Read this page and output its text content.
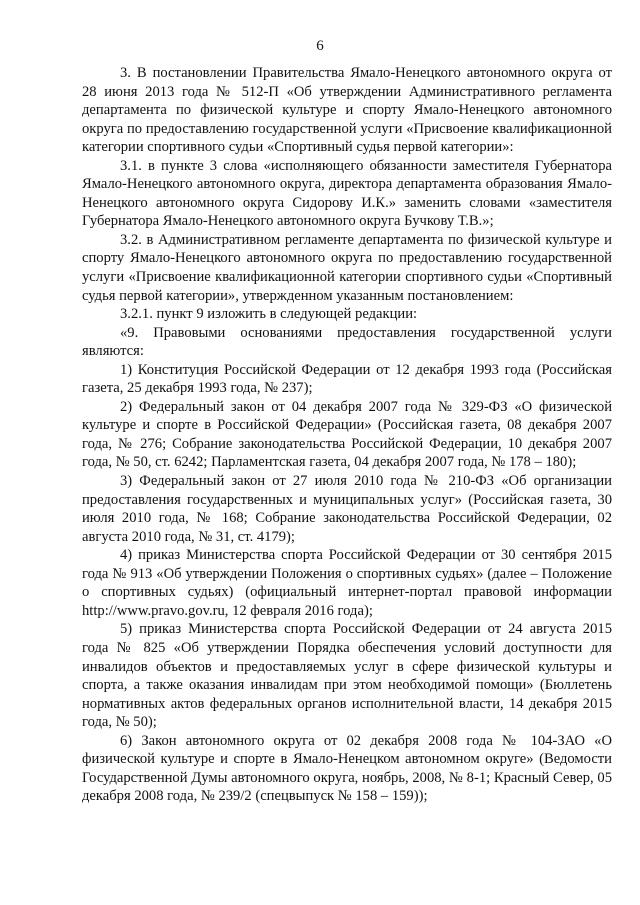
6

3. В постановлении Правительства Ямало-Ненецкого автономного округа от 28 июня 2013 года № 512-П «Об утверждении Административного регламента департамента по физической культуре и спорту Ямало-Ненецкого автономного округа по предоставлению государственной услуги «Присвоение квалификационной категории спортивного судьи «Спортивный судья первой категории»:

3.1. в пункте 3 слова «исполняющего обязанности заместителя Губернатора Ямало-Ненецкого автономного округа, директора департамента образования Ямало-Ненецкого автономного округа Сидорову И.К.» заменить словами «заместителя Губернатора Ямало-Ненецкого автономного округа Бучкову Т.В.»;

3.2. в Административном регламенте департамента по физической культуре и спорту Ямало-Ненецкого автономного округа по предоставлению государственной услуги «Присвоение квалификационной категории спортивного судьи «Спортивный судья первой категории», утвержденном указанным постановлением:

3.2.1. пункт 9 изложить в следующей редакции:

«9. Правовыми основаниями предоставления государственной услуги являются:

1) Конституция Российской Федерации от 12 декабря 1993 года (Российская газета, 25 декабря 1993 года, № 237);

2) Федеральный закон от 04 декабря 2007 года № 329-ФЗ «О физической культуре и спорте в Российской Федерации» (Российская газета, 08 декабря 2007 года, № 276; Собрание законодательства Российской Федерации, 10 декабря 2007 года, № 50, ст. 6242; Парламентская газета, 04 декабря 2007 года, № 178 – 180);

3) Федеральный закон от 27 июля 2010 года № 210-ФЗ «Об организации предоставления государственных и муниципальных услуг» (Российская газета, 30 июля 2010 года, № 168; Собрание законодательства Российской Федерации, 02 августа 2010 года, № 31, ст. 4179);

4) приказ Министерства спорта Российской Федерации от 30 сентября 2015 года № 913 «Об утверждении Положения о спортивных судьях» (далее – Положение о спортивных судьях) (официальный интернет-портал правовой информации http://www.pravo.gov.ru, 12 февраля 2016 года);

5) приказ Министерства спорта Российской Федерации от 24 августа 2015 года № 825 «Об утверждении Порядка обеспечения условий доступности для инвалидов объектов и предоставляемых услуг в сфере физической культуры и спорта, а также оказания инвалидам при этом необходимой помощи» (Бюллетень нормативных актов федеральных органов исполнительной власти, 14 декабря 2015 года, № 50);

6) Закон автономного округа от 02 декабря 2008 года № 104-ЗАО «О физической культуре и спорте в Ямало-Ненецком автономном округе» (Ведомости Государственной Думы автономного округа, ноябрь, 2008, № 8-1; Красный Север, 05 декабря 2008 года, № 239/2 (спецвыпуск № 158 – 159));
